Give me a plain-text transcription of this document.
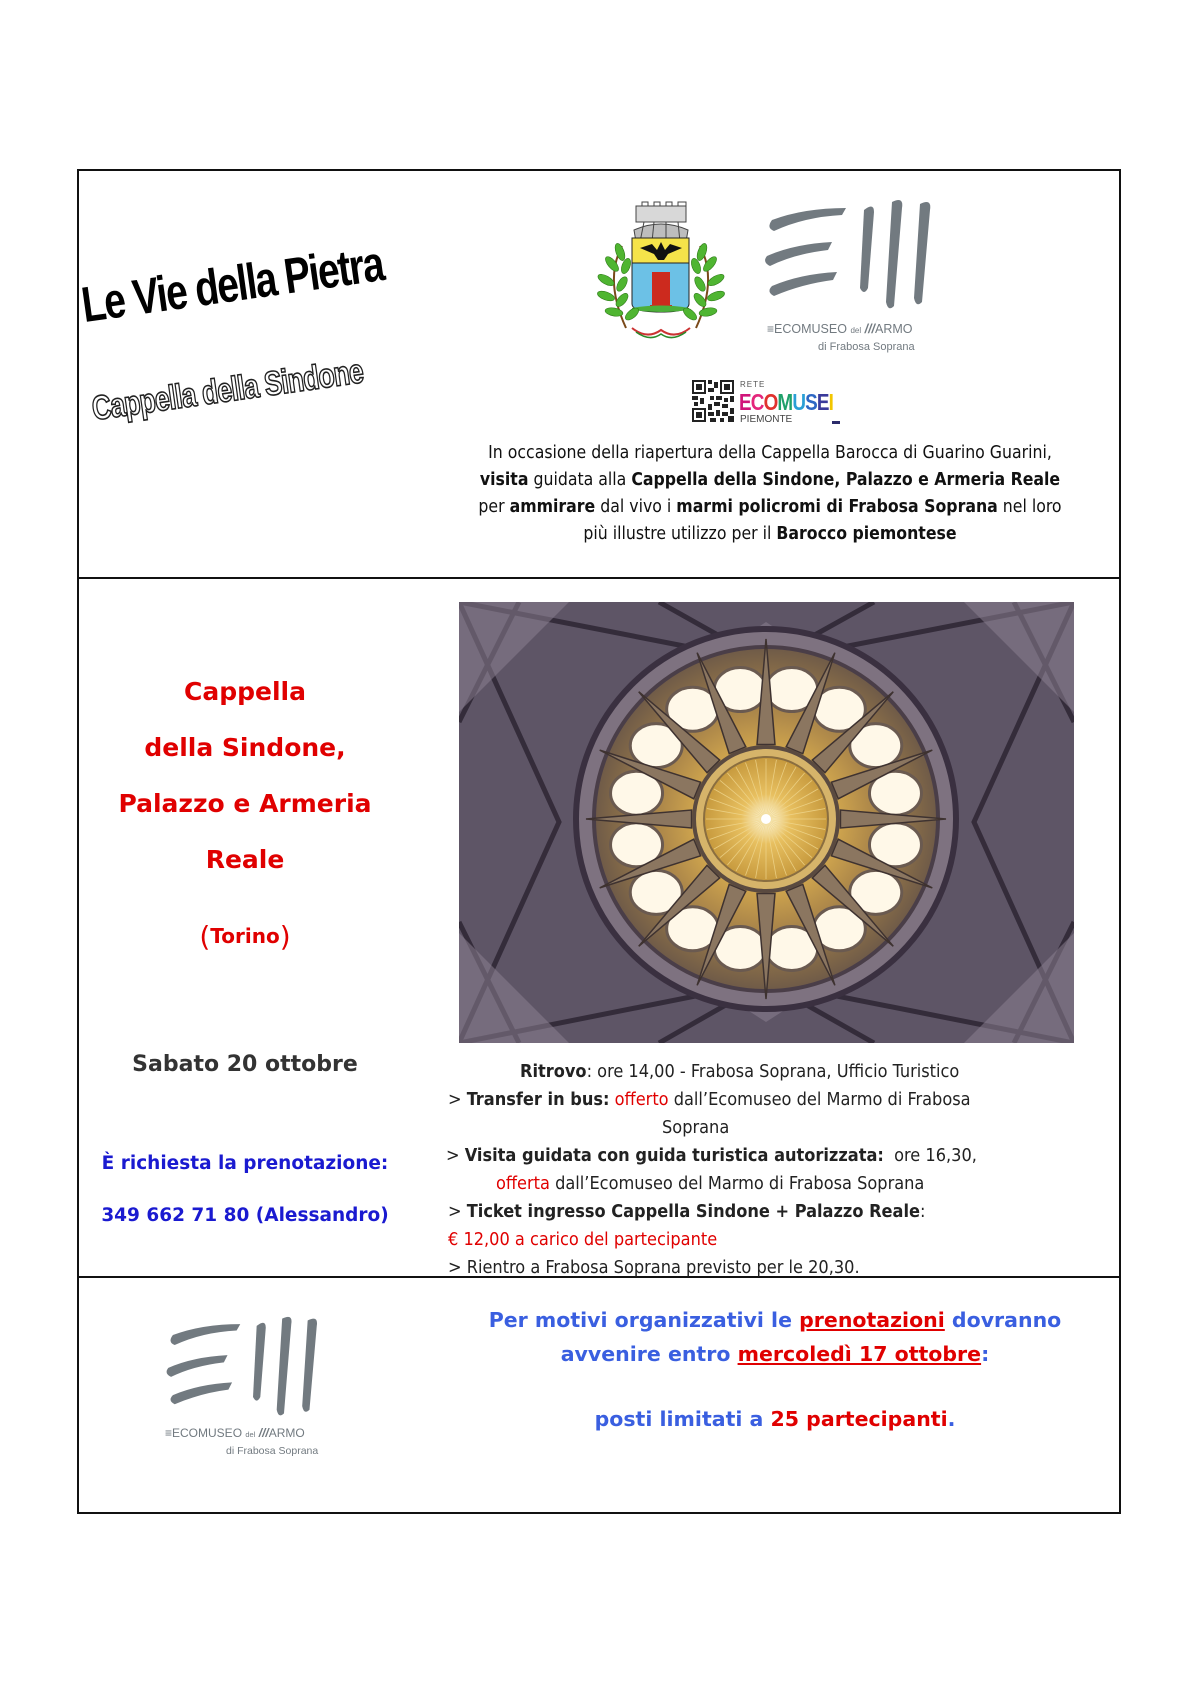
Le Vie della Pietra
Cappella della Sindone
≡ECOMUSEO del ///ARMO
di Frabosa Soprana
RETE
ECOMUSEI
PIEMONTE
In occasione della riapertura della Cappella Barocca di Guarino Guarini,
visita guidata alla Cappella della Sindone, Palazzo e Armeria Reale
per ammirare dal vivo i marmi policromi di Frabosa Soprana nel loro
più illustre utilizzo per il Barocco piemontese
Cappella
della Sindone,
Palazzo e Armeria
Reale
(Torino)
Sabato 20 ottobre
È richiesta la prenotazione:
349 662 71 80 (Alessandro)
Ritrovo: ore 14,00 - Frabosa Soprana, Ufficio Turistico
> Transfer in bus: offerto dall’Ecomuseo del Marmo di Frabosa
Soprana
> Visita guidata con guida turistica autorizzata:  ore 16,30,
offerta dall’Ecomuseo del Marmo di Frabosa Soprana
> Ticket ingresso Cappella Sindone + Palazzo Reale:
€ 12,00 a carico del partecipante
> Rientro a Frabosa Soprana previsto per le 20,30.
≡ECOMUSEO del ///ARMO
di Frabosa Soprana
Per motivi organizzativi le prenotazioni dovranno
avvenire entro mercoledì 17 ottobre:
posti limitati a 25 partecipanti.
